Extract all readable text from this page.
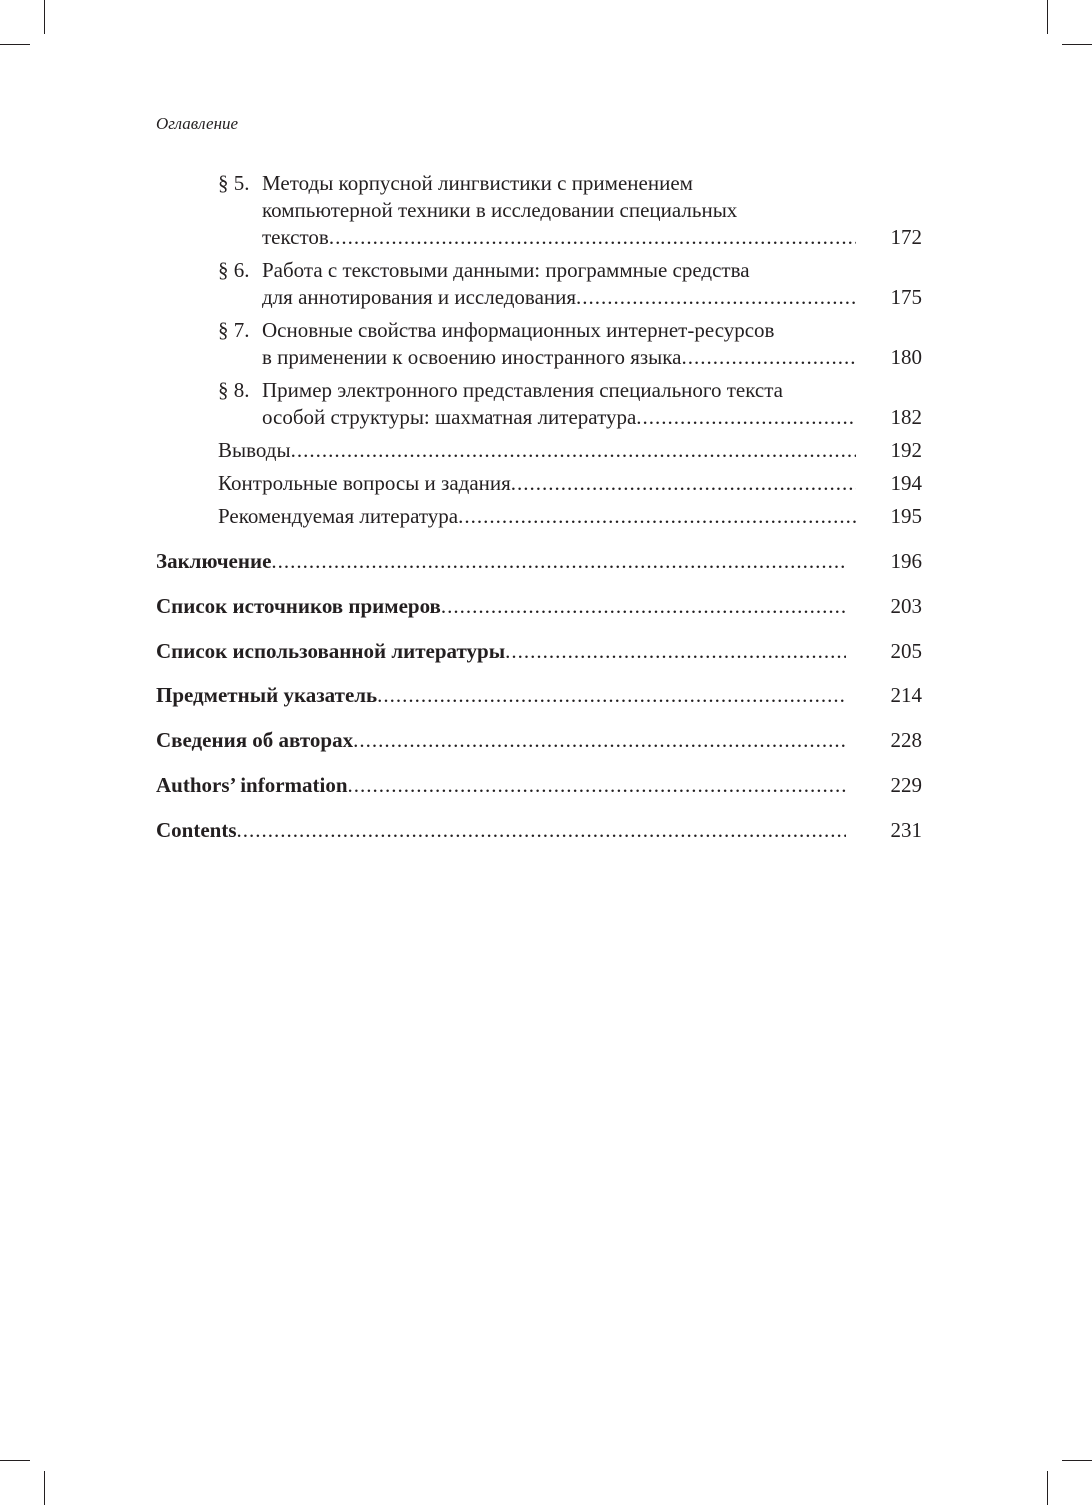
Оглавление
§ 5. Методы корпусной лингвистики с применением
компьютерной техники в исследовании специальных
текстов .....	172
§ 6. Работа с текстовыми данными: программные средства
для аннотирования и исследования .....	175
§ 7. Основные свойства информационных интернет-ресурсов
в применении к освоению иностранного языка .....	180
§ 8. Пример электронного представления специального текста
особой структуры: шахматная литература .....	182
Выводы .....	192
Контрольные вопросы и задания .....	194
Рекомендуемая литература .....	195
Заключение .....	196
Список источников примеров .....	203
Список использованной литературы .....	205
Предметный указатель .....	214
Сведения об авторах .....	228
Authors’ information .....	229
Contents .....	231
